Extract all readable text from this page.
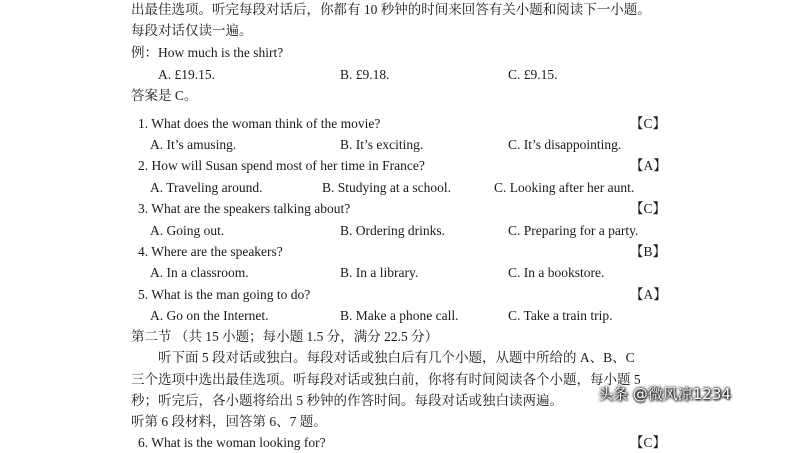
出最佳选项。听完每段对话后，你都有 10 秒钟的时间来回答有关小题和阅读下一小题。
每段对话仅读一遍。
例：How much is the shirt?
A. £19.15.	B. £9.18.	C. £9.15.
答案是 C。
1. What does the woman think of the movie?	【C】
A. It’s amusing.	B. It’s exciting.	C. It’s disappointing.
2. How will Susan spend most of her time in France?	【A】
A. Traveling around.	B. Studying at a school.	C. Looking after her aunt.
3. What are the speakers talking about?	【C】
A. Going out.	B. Ordering drinks.	C. Preparing for a party.
4. Where are the speakers?	【B】
A. In a classroom.	B. In a library.	C. In a bookstore.
5. What is the man going to do?	【A】
A. Go on the Internet.	B. Make a phone call.	C. Take a train trip.
第二节 （共 15 小题；每小题 1.5 分，满分 22.5 分）
听下面 5 段对话或独白。每段对话或独白后有几个小题，从题中所给的 A、B、C
三个选项中选出最佳选项。听每段对话或独白前，你将有时间阅读各个小题，每小题 5
秒；听完后，各小题将给出 5 秒钟的作答时间。每段对话或独白读两遍。
听第 6 段材料，回答第 6、7 题。
6. What is the woman looking for?	【C】
头条 @微风凉1234
